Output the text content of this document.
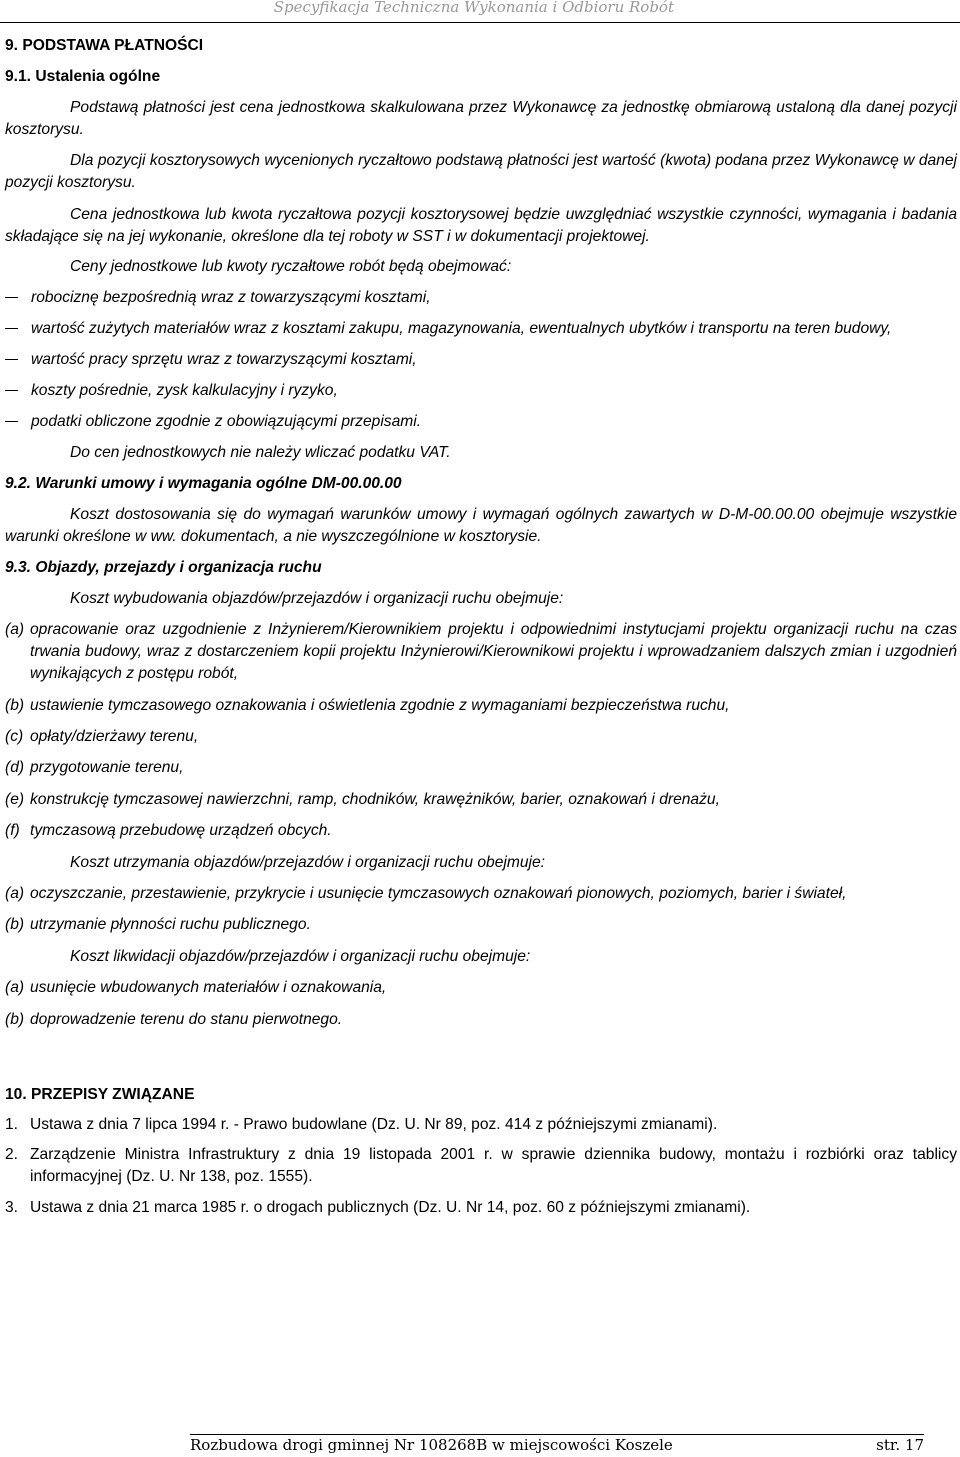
Specyfikacja Techniczna Wykonania i Odbioru Robót

9. PODSTAWA PŁATNOŚCI

9.1. Ustalenia ogólne

Podstawą płatności jest cena jednostkowa skalkulowana przez Wykonawcę za jednostkę obmiarową ustaloną dla danej pozycji kosztorysu.

Dla pozycji kosztorysowych wycenionych ryczałtowo podstawą płatności jest wartość (kwota) podana przez Wykonawcę w danej pozycji kosztorysu.

Cena jednostkowa lub kwota ryczałtowa pozycji kosztorysowej będzie uwzględniać wszystkie czynności, wymagania i badania składające się na jej wykonanie, określone dla tej roboty w SST i w dokumentacji projektowej.

Ceny jednostkowe lub kwoty ryczałtowe robót będą obejmować:

robociznę bezpośrednią wraz z towarzyszącymi kosztami,

wartość zużytych materiałów wraz z kosztami zakupu, magazynowania, ewentualnych ubytków i transportu na teren budowy,

wartość pracy sprzętu wraz z towarzyszącymi kosztami,

koszty pośrednie, zysk kalkulacyjny i ryzyko,

podatki obliczone zgodnie z obowiązującymi przepisami.

Do cen jednostkowych nie należy wliczać podatku VAT.

9.2. Warunki umowy i wymagania ogólne DM-00.00.00

Koszt dostosowania się do wymagań warunków umowy i wymagań ogólnych zawartych w D-M-00.00.00 obejmuje wszystkie warunki określone w ww. dokumentach, a nie wyszczególnione w kosztorysie.

9.3. Objazdy, przejazdy i organizacja ruchu

Koszt wybudowania objazdów/przejazdów i organizacji ruchu obejmuje:

(a) opracowanie oraz uzgodnienie z Inżynierem/Kierownikiem projektu i odpowiednimi instytucjami projektu organizacji ruchu na czas trwania budowy, wraz z dostarczeniem kopii projektu Inżynierowi/Kierownikowi projektu i wprowadzaniem dalszych zmian i uzgodnień wynikających z postępu robót,

(b) ustawienie tymczasowego oznakowania i oświetlenia zgodnie z wymaganiami bezpieczeństwa ruchu,

(c) opłaty/dzierżawy terenu,

(d) przygotowanie terenu,

(e) konstrukcję tymczasowej nawierzchni, ramp, chodników, krawężników, barier, oznakowań i drenażu,

(f) tymczasową przebudowę urządzeń obcych.

Koszt utrzymania objazdów/przejazdów i organizacji ruchu obejmuje:

(a) oczyszczanie, przestawienie, przykrycie i usunięcie tymczasowych oznakowań pionowych, poziomych, barier i świateł,

(b) utrzymanie płynności ruchu publicznego.

Koszt likwidacji objazdów/przejazdów i organizacji ruchu obejmuje:

(a) usunięcie wbudowanych materiałów i oznakowania,

(b) doprowadzenie terenu do stanu pierwotnego.

10. PRZEPISY ZWIĄZANE

1. Ustawa z dnia 7 lipca 1994 r. - Prawo budowlane (Dz. U. Nr 89, poz. 414 z późniejszymi zmianami).

2. Zarządzenie Ministra Infrastruktury z dnia 19 listopada 2001 r. w sprawie dziennika budowy, montażu i rozbiórki oraz tablicy informacyjnej (Dz. U. Nr 138, poz. 1555).

3. Ustawa z dnia 21 marca 1985 r. o drogach publicznych (Dz. U. Nr 14, poz. 60 z późniejszymi zmianami).

Rozbudowa drogi gminnej Nr 108268B w miejscowości Koszele	str. 17
